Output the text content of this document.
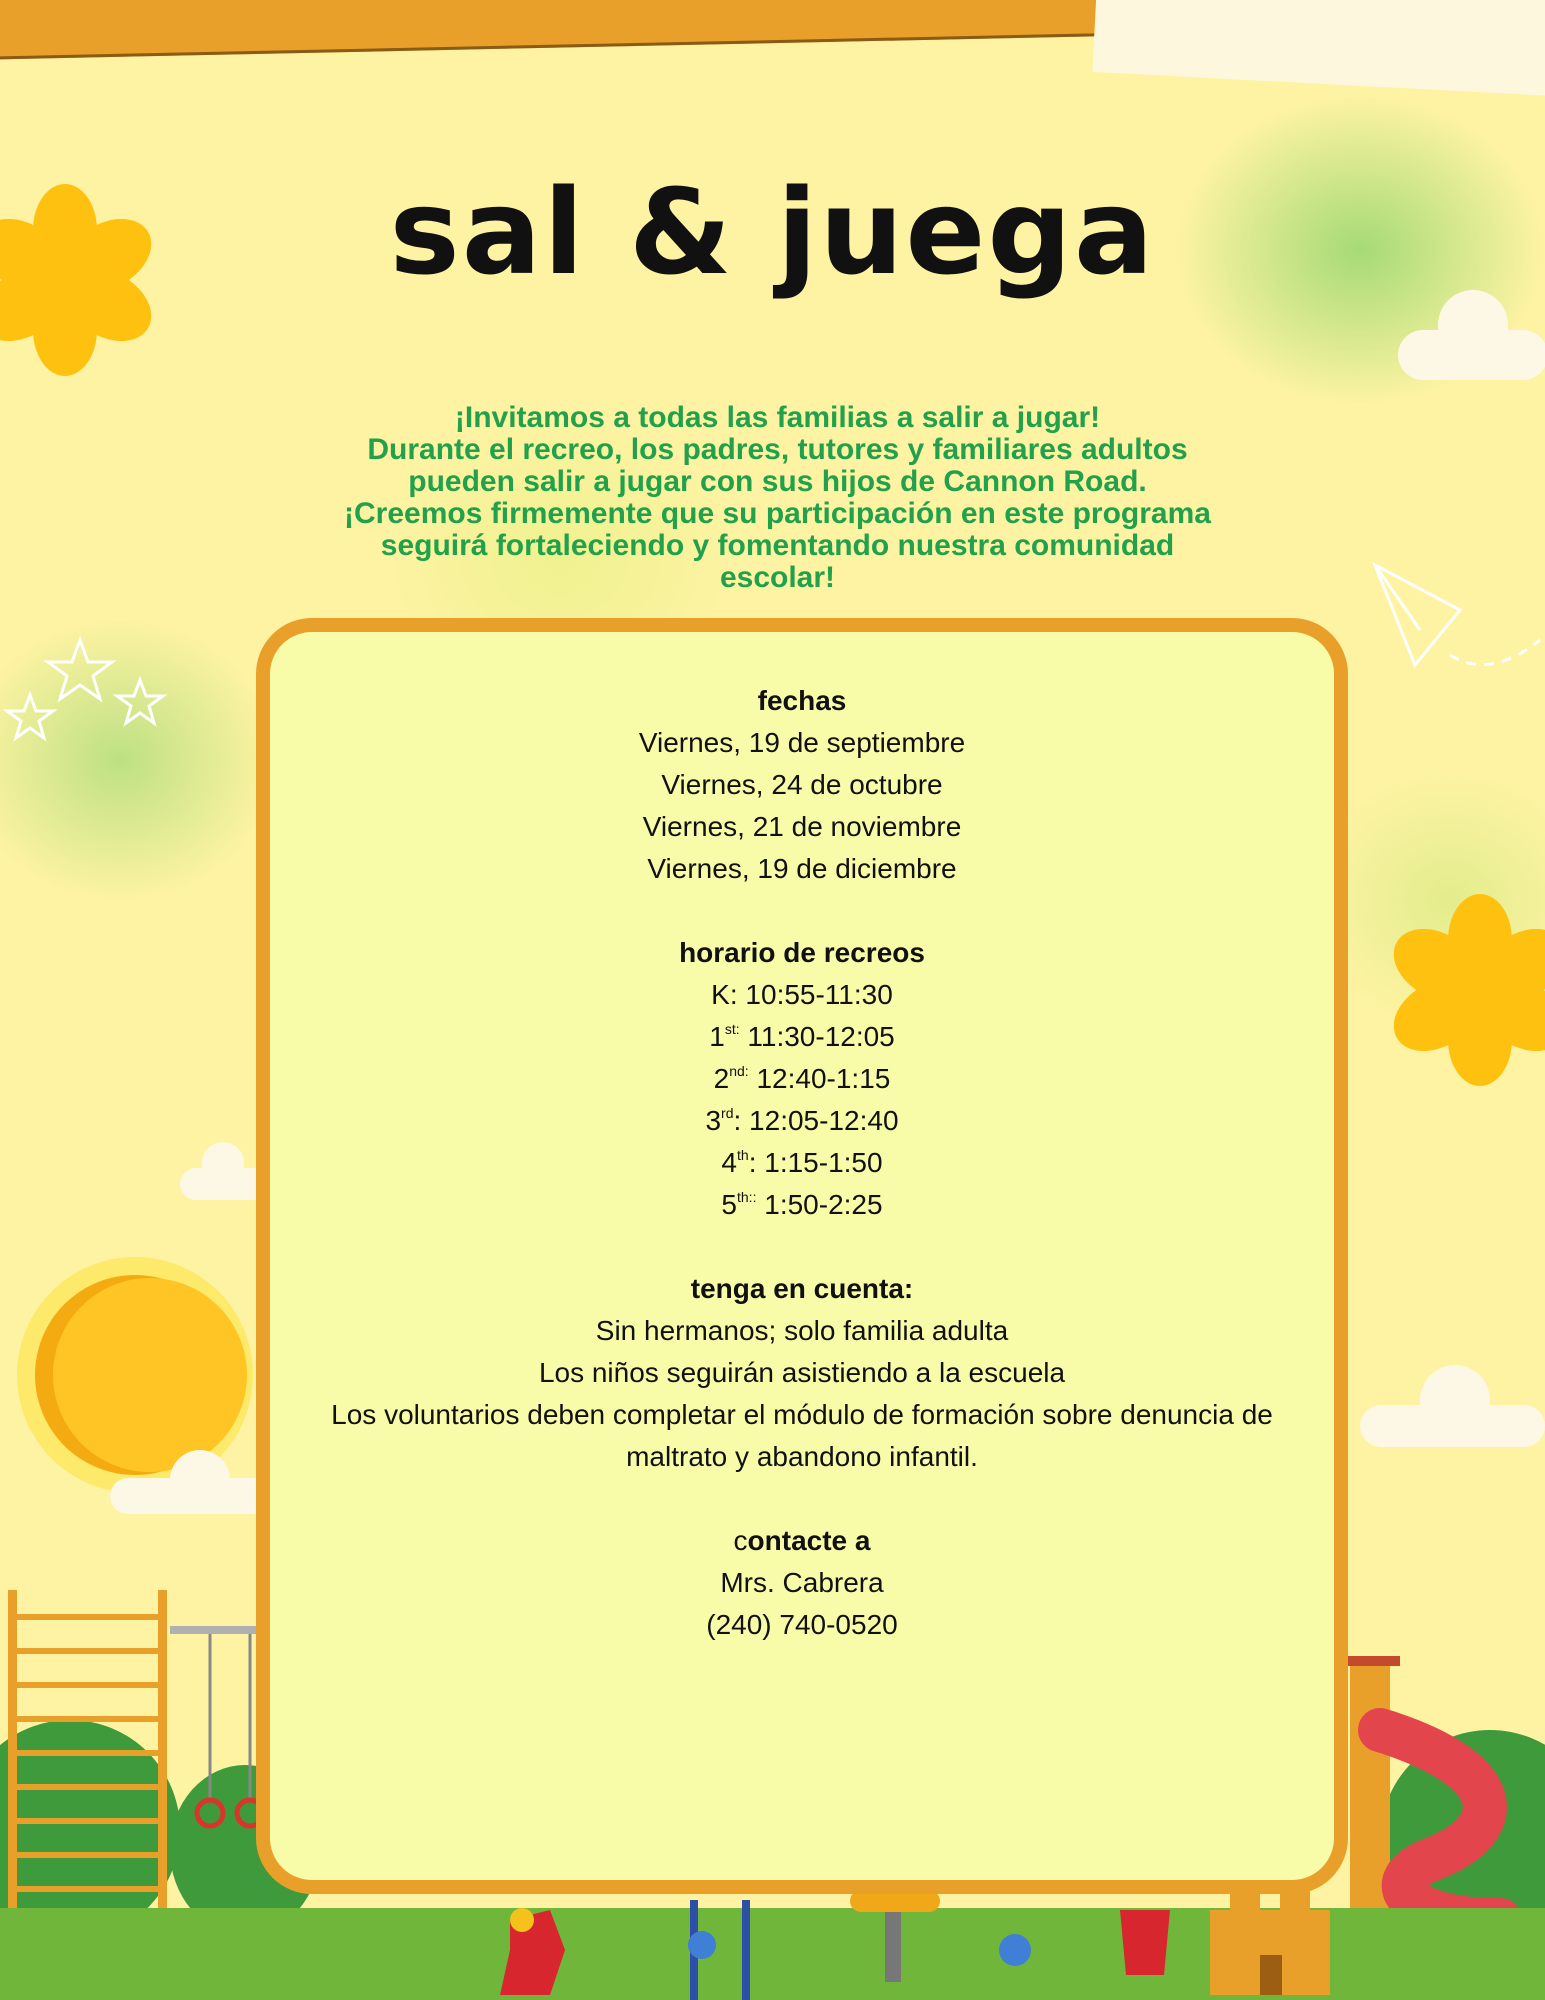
sal & juega
¡Invitamos a todas las familias a salir a jugar!
Durante el recreo, los padres, tutores y familiares adultos
pueden salir a jugar con sus hijos de Cannon Road.
¡Creemos firmemente que su participación en este programa
seguirá fortaleciendo y fomentando nuestra comunidad
escolar!
fechas
Viernes, 19 de septiembre
Viernes, 24 de octubre
Viernes, 21 de noviembre
Viernes, 19 de diciembre
horario de recreos
K: 10:55-11:30
$1^{st:}$ 11:30-12:05
$2^{nd:}$ 12:40-1:15
3rd: 12:05-12:40
4th: 1:15-1:50
$5^{th::}$ 1:50-2:25
tenga en cuenta:
Sin hermanos; solo familia adulta
Los niños seguirán asistiendo a la escuela
Los voluntarios deben completar el módulo de formación sobre denuncia de
maltrato y abandono infantil.
contacte a
Mrs. Cabrera
(240) 740-0520
